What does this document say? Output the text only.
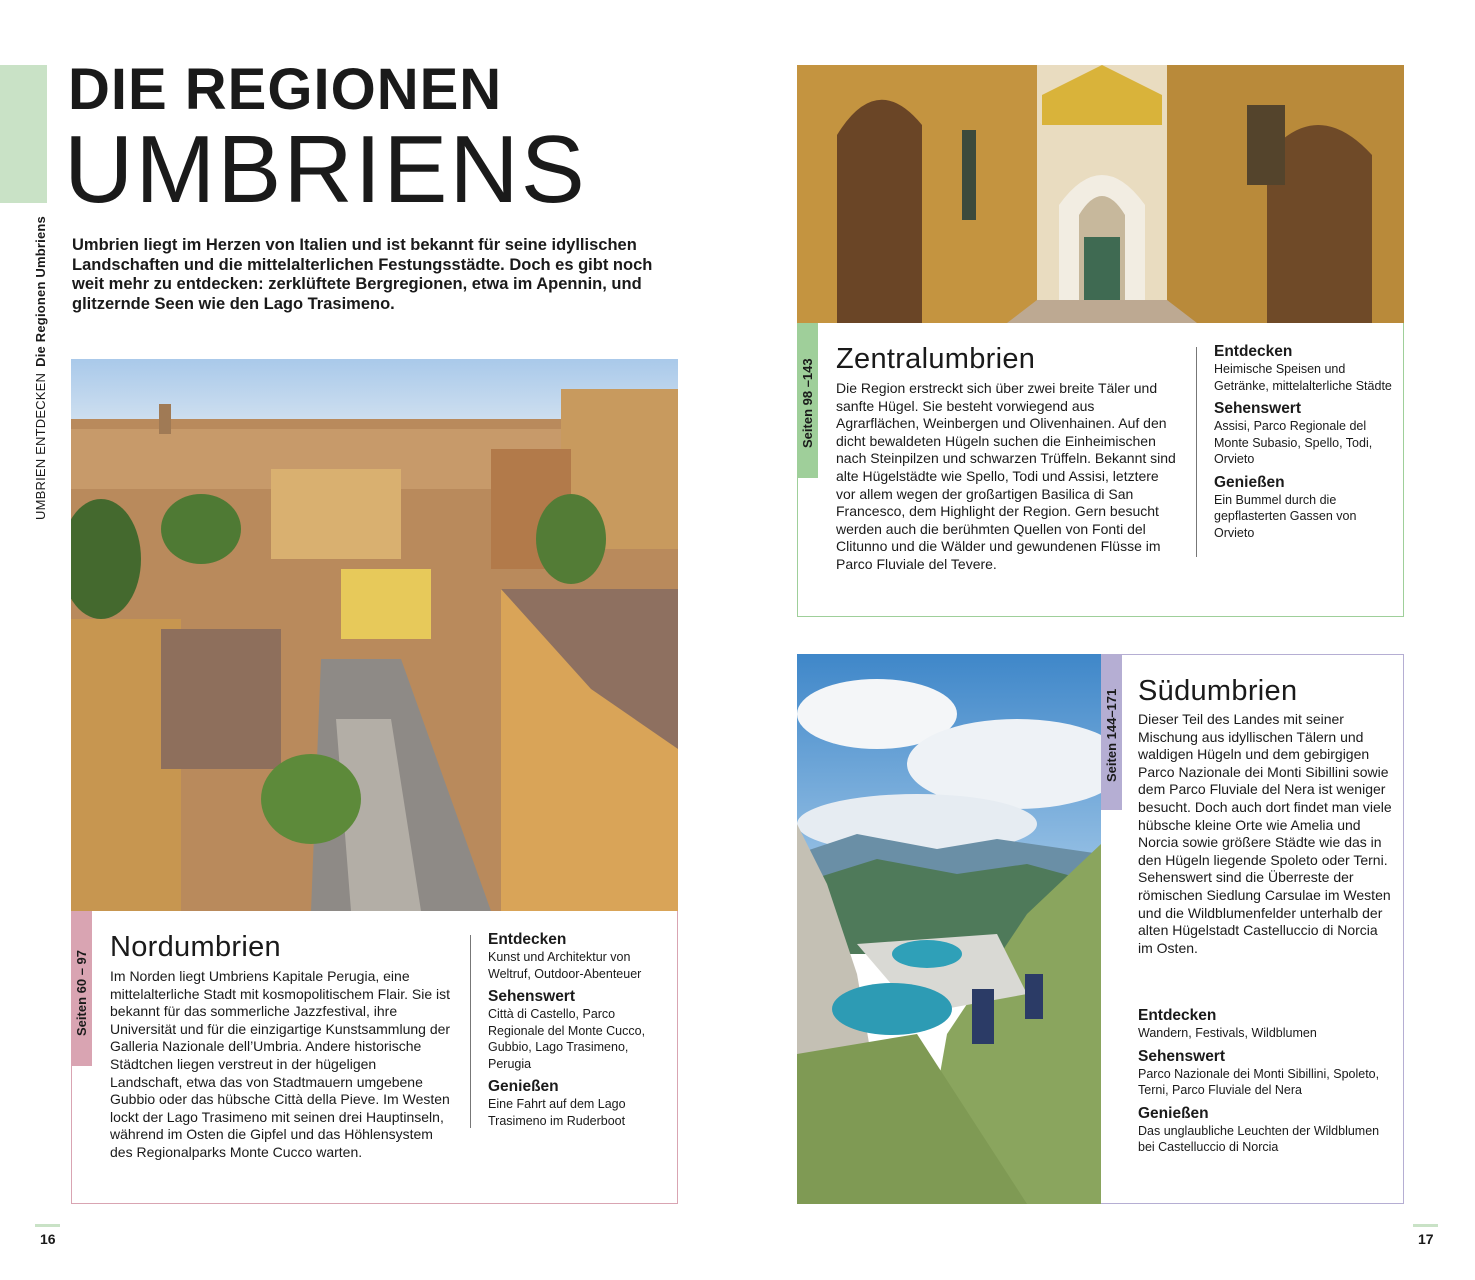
UMBRIEN ENTDECKENDie Regionen Umbriens
DIE REGIONEN
UMBRIENS
Umbrien liegt im Herzen von Italien und ist bekannt für seine idyllischen Landschaften und die mittelalterlichen Festungsstädte. Doch es gibt noch weit mehr zu entdecken: zerklüftete Bergregionen, etwa im Apennin, und glitzernde Seen wie den Lago Trasimeno.
Seiten 60 – 97
Nordumbrien
Im Norden liegt Umbriens Kapitale Perugia, eine mittelalterliche Stadt mit kosmopolitischem Flair. Sie ist bekannt für das sommerliche Jazzfestival, ihre Universität und für die einzigartige Kunstsammlung der Galleria Nazionale dell’Umbria. Andere historische Städtchen liegen verstreut in der hügeligen Landschaft, etwa das von Stadtmauern umgebene Gubbio oder das hübsche Città della Pieve. Im Westen lockt der Lago Trasimeno mit seinen drei Hauptinseln, während im Osten die Gipfel und das Höhlensystem des Regionalparks Monte Cucco warten.
Entdecken
Kunst und Architektur von Weltruf, Outdoor-Abenteuer
Sehenswert
Città di Castello, Parco Regionale del Monte Cucco, Gubbio, Lago Trasimeno, Perugia
Genießen
Eine Fahrt auf dem Lago Trasimeno im Ruderboot
16
Seiten 98 –143 Zentralumbrien
Die Region erstreckt sich über zwei breite Täler und sanfte Hügel. Sie besteht vorwiegend aus Agrarflächen, Weinbergen und Olivenhainen. Auf den dicht bewaldeten Hügeln suchen die Einheimischen nach Steinpilzen und schwarzen Trüffeln. Bekannt sind alte Hügelstädte wie Spello, Todi und Assisi, letztere vor allem wegen der großartigen Basilica di San Francesco, dem Highlight der Region. Gern besucht werden auch die berühmten Quellen von Fonti del Clitunno und die Wälder und gewundenen Flüsse im Parco Fluviale del Tevere.
Entdecken
Heimische Speisen und Getränke, mittelalterliche Städte
Sehenswert
Assisi, Parco Regionale del Monte Subasio, Spello, Todi, Orvieto
Genießen
Ein Bummel durch die gepflasterten Gassen von Orvieto
Seiten 144–171 Südumbrien
Dieser Teil des Landes mit seiner Mischung aus idyllischen Tälern und waldigen Hügeln und dem gebirgigen Parco Nazionale dei Monti Sibillini sowie dem Parco Fluviale del Nera ist weniger besucht. Doch auch dort findet man viele hübsche kleine Orte wie Amelia und Norcia sowie größere Städte wie das in den Hügeln liegende Spoleto oder Terni. Sehenswert sind die Überreste der römischen Siedlung Carsulae im Westen und die Wildblumenfelder unterhalb der alten Hügelstadt Castelluccio di Norcia im Osten.
Entdecken
Wandern, Festivals, Wildblumen
Sehenswert
Parco Nazionale dei Monti Sibillini, Spoleto, Terni, Parco Fluviale del Nera
Genießen
Das unglaubliche Leuchten der Wildblumen bei Castelluccio di Norcia
17
